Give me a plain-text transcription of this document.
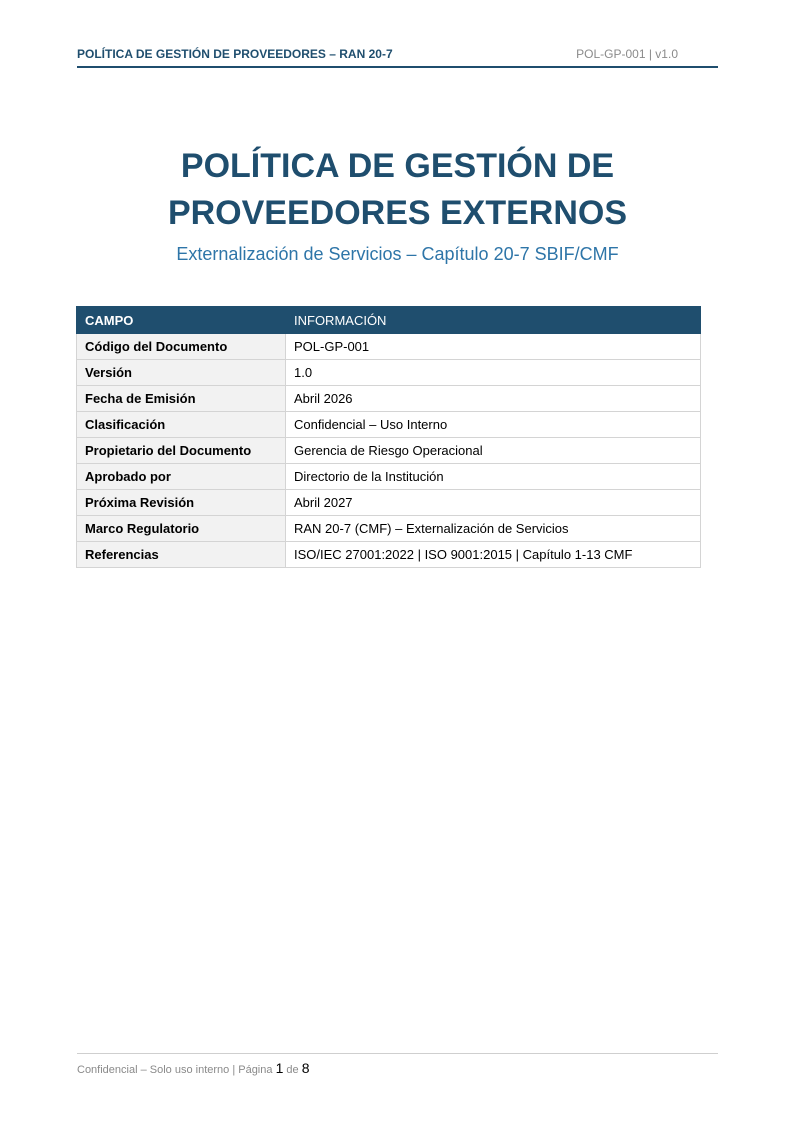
POLÍTICA DE GESTIÓN DE PROVEEDORES – RAN 20-7	POL-GP-001 | v1.0
POLÍTICA DE GESTIÓN DE
PROVEEDORES EXTERNOS
Externalización de Servicios – Capítulo 20-7 SBIF/CMF
CAMPO	INFORMACIÓN
Código del Documento	POL-GP-001
Versión	1.0
Fecha de Emisión	Abril 2026
Clasificación	Confidencial – Uso Interno
Propietario del Documento	Gerencia de Riesgo Operacional
Aprobado por	Directorio de la Institución
Próxima Revisión	Abril 2027
Marco Regulatorio	RAN 20-7 (CMF) – Externalización de Servicios
Referencias	ISO/IEC 27001:2022 | ISO 9001:2015 | Capítulo 1-13 CMF
Confidencial – Solo uso interno | Página 1 de 8
